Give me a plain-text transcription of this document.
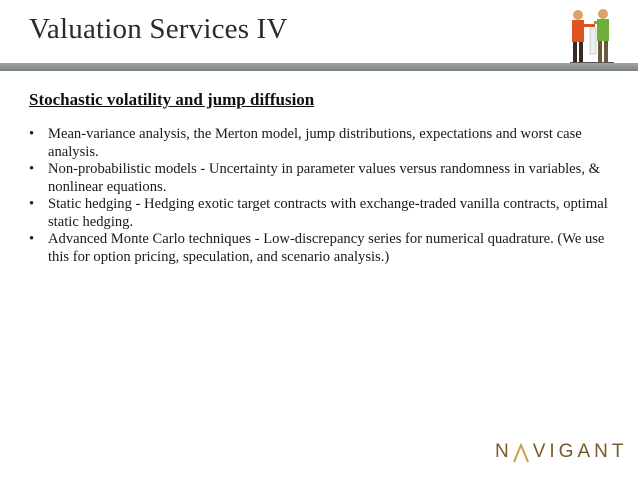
Valuation Services IV
Stochastic volatility and jump diffusion
• Mean-variance analysis, the Merton model, jump distributions, expectations and worst case analysis.
• Non-probabilistic models - Uncertainty in parameter values versus randomness in variables, & nonlinear equations.
• Static hedging - Hedging exotic target contracts with exchange-traded vanilla contracts, optimal static hedging.
• Advanced Monte Carlo techniques - Low-discrepancy series for numerical quadrature. (We use this for option pricing, speculation, and scenario analysis.)
N VIGANT
